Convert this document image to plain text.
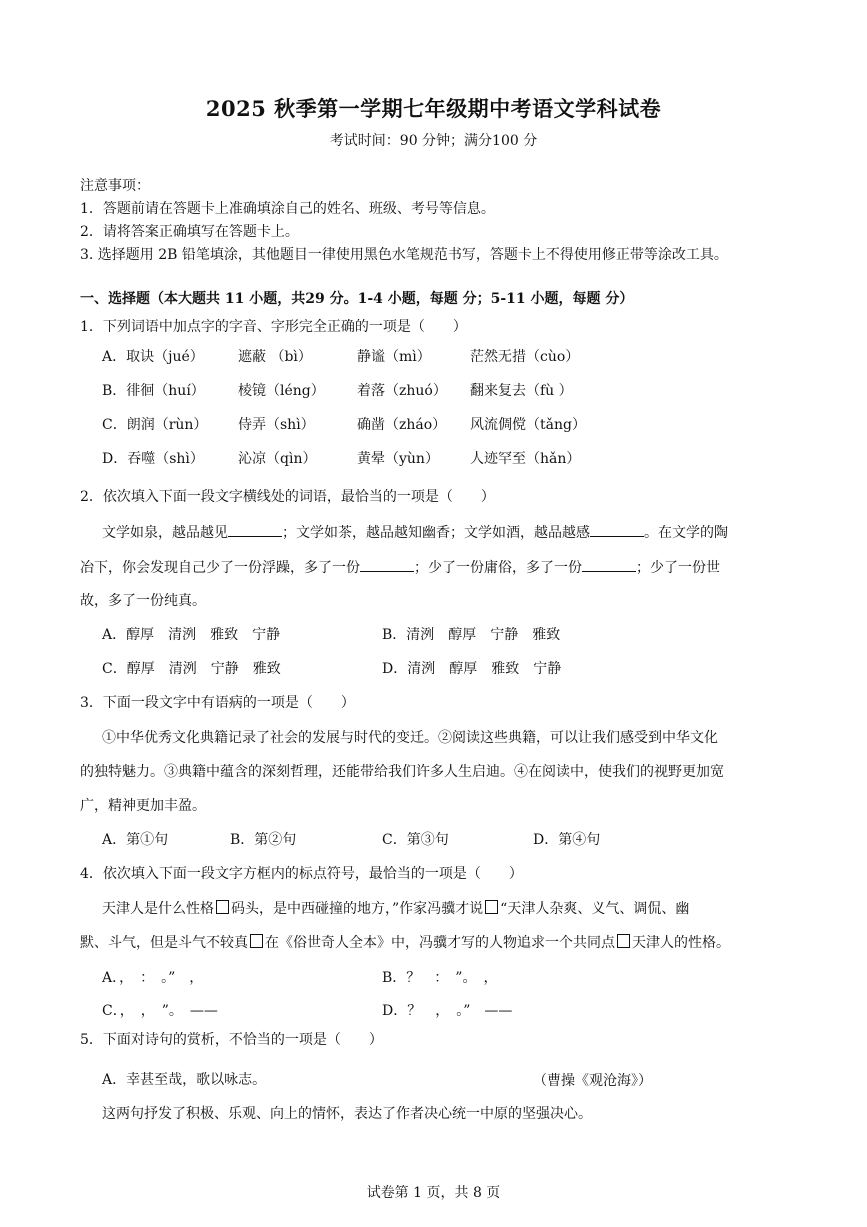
2025 秋季第一学期七年级期中考语文学科试卷
考试时间：90 分钟；满分100 分
注意事项：
1．答题前请在答题卡上准确填涂自己的姓名、班级、考号等信息。
2．请将答案正确填写在答题卡上。
3. 选择题用 2B 铅笔填涂，其他题目一律使用黑色水笔规范书写，答题卡上不得使用修正带等涂改工具。
一、选择题（本大题共 11 小题，共29 分。1-4 小题，每题 分；5-11 小题，每题 分）
1．下列词语中加点字的字音、字形完全正确的一项是（　　）
A．取诀（jué） 遮蔽 （bì）	静谧（mì）	茫然无措（cùo）
B．徘徊（huí） 棱镜（léng） 着落（zhuó） 翻来复去（fù ）
C．朗润（rùn） 侍弄（shì）	确凿（zháo） 风流倜傥（tǎng）
D．吞噬（shì） 沁凉（qìn）	黄晕（yùn） 人迹罕至（hǎn）
2．依次填入下面一段文字横线处的词语，最恰当的一项是（　　）
文学如泉，越品越见	；文学如茶，越品越知幽香；文学如酒，越品越感	。在文学的陶
冶下，你会发现自己少了一份浮躁，多了一份	；少了一份庸俗，多了一份	；少了一份世
故，多了一份纯真。
A．醇厚　清洌　雅致　宁静	B．清洌　醇厚　宁静　雅致
C．醇厚　清洌　宁静　雅致	D．清洌　醇厚　雅致　宁静
3．下面一段文字中有语病的一项是（　　）
①中华优秀文化典籍记录了社会的发展与时代的变迁。②阅读这些典籍，可以让我们感受到中华文化
的独特魅力。③典籍中蕴含的深刻哲理，还能带给我们许多人生启迪。④在阅读中，使我们的视野更加宽
广，精神更加丰盈。
A．第①句	B．第②句	C．第③句	D．第④句
4．依次填入下面一段文字方框内的标点符号，最恰当的一项是（　　）
天津人是什么性格 码头，是中西碰撞的地方，”作家冯骥才说 “天津人杂爽、义气、调侃、幽
默、斗气，但是斗气不较真 在《俗世奇人全本》中，冯骥才写的人物追求一个共同点 天津人的性格。
A．，　：　。”　，	B．？　：　”。　，
C．，　，　”。　——	D．？　，　。”　——
5．下面对诗句的赏析，不恰当的一项是（　　）
A．幸甚至哉，歌以咏志。	（曹操《观沧海》）
这两句抒发了积极、乐观、向上的情怀，表达了作者决心统一中原的坚强决心。
试卷第 1 页，共 8 页
